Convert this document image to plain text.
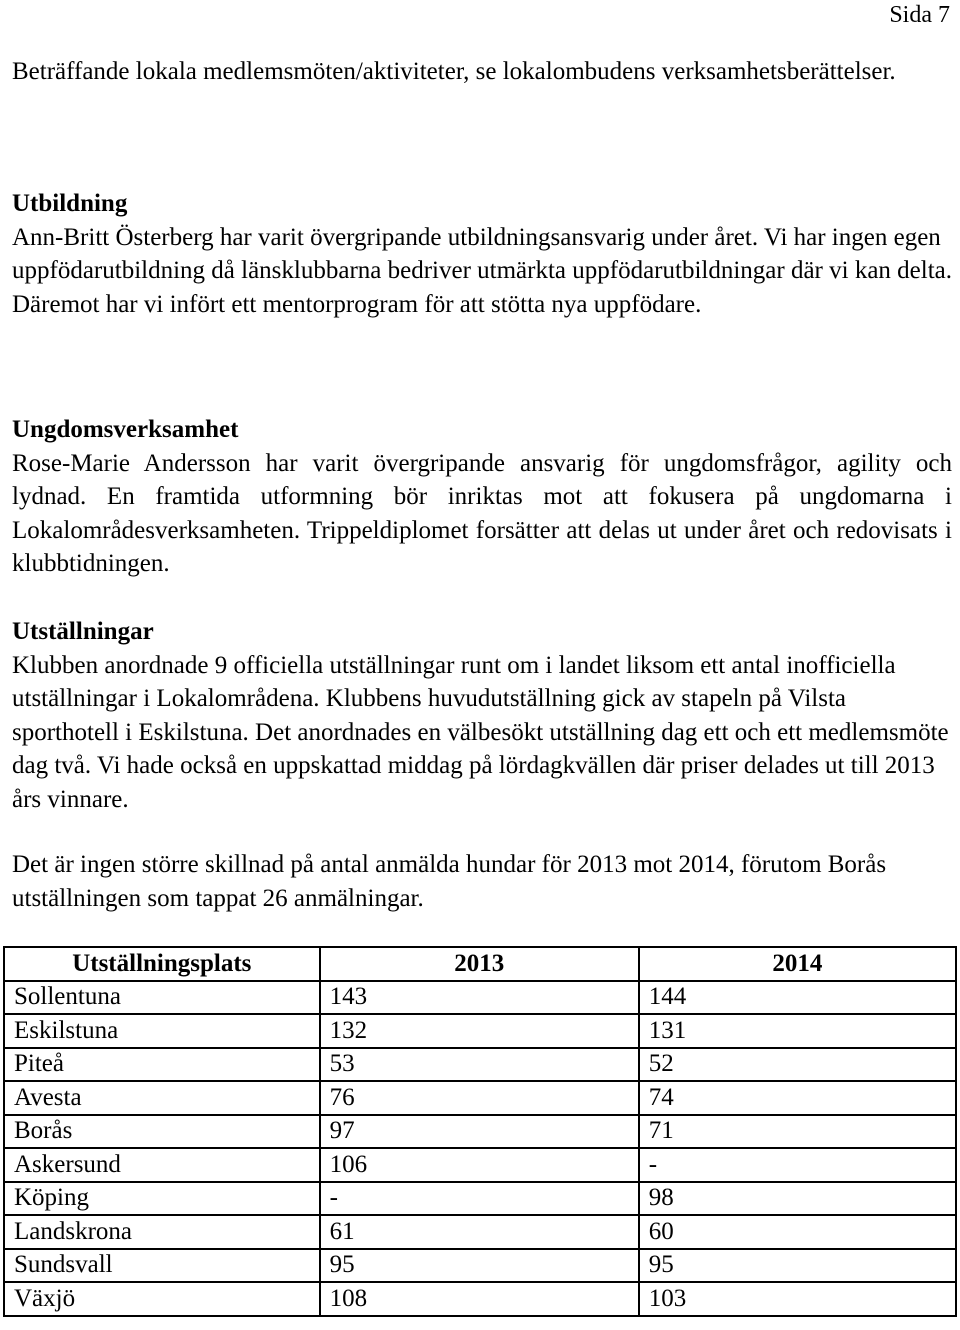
Sida 7

Beträffande lokala medlemsmöten/aktiviteter, se lokalombudens verksamhetsberättelser.

Utbildning

Ann-Britt Österberg har varit övergripande utbildningsansvarig under året. Vi har ingen egen uppfödarutbildning då länsklubbarna bedriver utmärkta uppfödarutbildningar där vi kan delta. Däremot har vi infört ett mentorprogram för att stötta nya uppfödare.

Ungdomsverksamhet

Rose-Marie Andersson har varit övergripande ansvarig för ungdomsfrågor, agility och lydnad. En framtida utformning bör inriktas mot att fokusera på ungdomarna i Lokalområdesverksamheten. Trippeldiplomet forsätter att delas ut under året och redovisats i klubbtidningen.

Utställningar

Klubben anordnade 9 officiella utställningar runt om i landet liksom ett antal inofficiella utställningar i Lokalområdena. Klubbens huvudutställning gick av stapeln på Vilsta sporthotell i Eskilstuna. Det anordnades en välbesökt utställning dag ett och ett medlemsmöte dag två. Vi hade också en uppskattad middag på lördagkvällen där priser delades ut till 2013 års vinnare.

Det är ingen större skillnad på antal anmälda hundar för 2013 mot 2014, förutom Borås utställningen som tappat 26 anmälningar.

Utställningsplats	2013	2014
Sollentuna	143	144
Eskilstuna	132	131
Piteå	53	52
Avesta	76	74
Borås	97	71
Askersund	106	-
Köping	-	98
Landskrona	61	60
Sundsvall	95	95
Växjö	108	103
